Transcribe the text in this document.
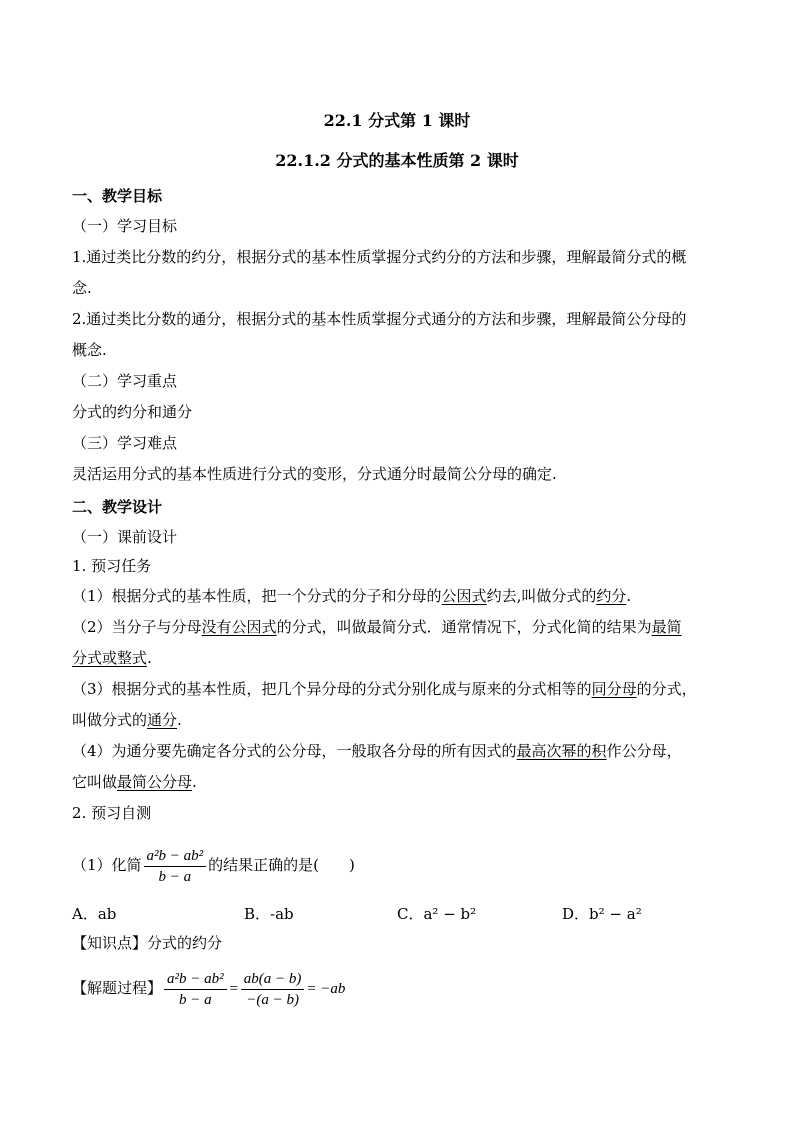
22.1 分式第 1 课时
22.1.2 分式的基本性质第 2 课时
一、教学目标
（一）学习目标
1.通过类比分数的约分，根据分式的基本性质掌握分式约分的方法和步骤，理解最简分式的概
念.
2.通过类比分数的通分，根据分式的基本性质掌握分式通分的方法和步骤，理解最简公分母的
概念.
（二）学习重点
分式的约分和通分
（三）学习难点
灵活运用分式的基本性质进行分式的变形，分式通分时最简公分母的确定.
二、教学设计
（一）课前设计
1. 预习任务
（1）根据分式的基本性质，把一个分式的分子和分母的公因式约去,叫做分式的约分.
（2）当分子与分母没有公因式的分式，叫做最简分式．通常情况下，分式化简的结果为最简
分式或整式.
（3）根据分式的基本性质，把几个异分母的分式分别化成与原来的分式相等的同分母的分式，
叫做分式的通分.
（4）为通分要先确定各分式的公分母，一般取各分母的所有因式的最高次幂的积作公分母，
它叫做最简公分母.
2. 预习自测
（1）化简 $\frac{\text{a²b − ab²}}{b - a}$ 的结果正确的是(　　)
A．ab	B．-ab	C．a² − b²	D．b² − a²
【知识点】分式的约分
【解题过程】 $\frac{\text{a²b − ab²}}{b - a} = \frac{ab(a - b)}{-(a - b)} = -ab$
